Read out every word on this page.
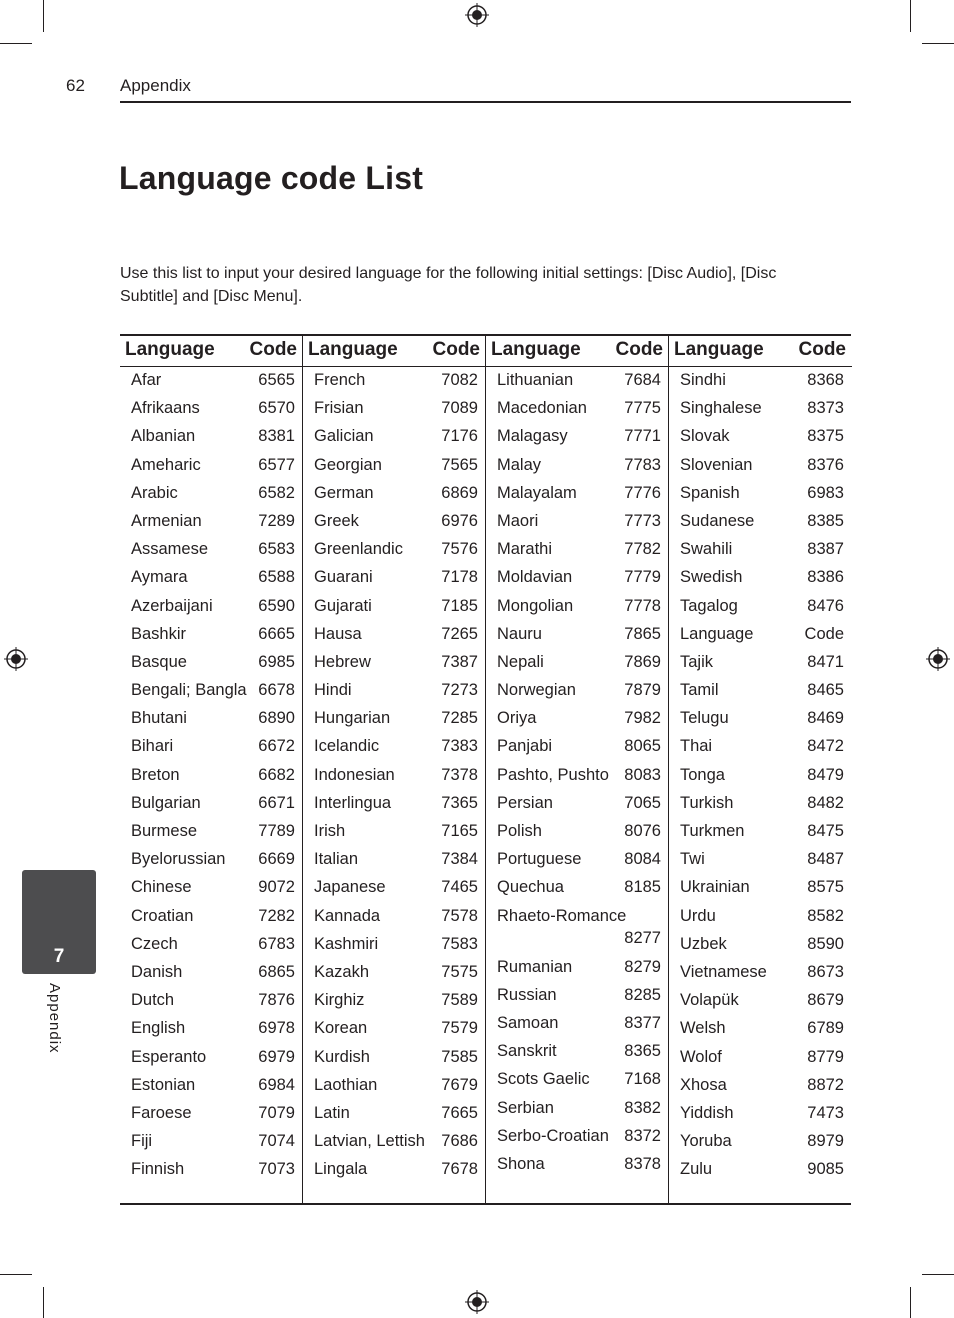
62 Appendix
Language code List

Use this list to input your desired language for the following initial settings: [Disc Audio], [Disc Subtitle] and [Disc Menu].

Language Code
Afar	6565
Afrikaans	6570
Albanian	8381
Ameharic	6577
Arabic	6582
Armenian	7289
Assamese	6583
Aymara	6588
Azerbaijani	6590
Bashkir	6665
Basque	6985
Bengali; Bangla 6678
Bhutani	6890
Bihari	6672
Breton	6682
Bulgarian	6671
Burmese	7789
Byelorussian 6669
Chinese	9072
Croatian	7282
Czech	6783
Danish	6865
Dutch	7876
English	6978
Esperanto	6979
Estonian	6984
Faroese	7079
Fiji	7074
Finnish	7073
Language Code
French	7082
Frisian	7089
Galician	7176
Georgian	7565
German	6869
Greek	6976
Greenlandic 7576
Guarani	7178
Gujarati	7185
Hausa	7265
Hebrew	7387
Hindi	7273
Hungarian	7285
Icelandic	7383
Indonesian	7378
Interlingua	7365
Irish	7165
Italian	7384
Japanese	7465
Kannada	7578
Kashmiri	7583
Kazakh	7575
Kirghiz	7589
Korean	7579
Kurdish	7585
Laothian	7679
Latin	7665
Latvian, Lettish 7686
Lingala	7678
Language Code
Lithuanian	7684
Macedonian 7775
Malagasy	7771
Malay	7783
Malayalam	7776
Maori	7773
Marathi	7782
Moldavian	7779
Mongolian	7778
Nauru	7865
Nepali	7869
Norwegian	7879
Oriya	7982
Panjabi	8065
Pashto, Pushto 8083
Persian	7065
Polish	8076
Portuguese	8084
Quechua	8185
Rhaeto-Romance
8277
Rumanian	8279
Russian	8285
Samoan	8377
Sanskrit	8365
Scots Gaelic 7168
Serbian	8382
Serbo-Croatian 8372
Shona	8378
Language Code
Sindhi	8368
Singhalese	8373
Slovak	8375
Slovenian	8376
Spanish	6983
Sudanese	8385
Swahili	8387
Swedish	8386
Tagalog	8476
Language	Code
Tajik	8471
Tamil	8465
Telugu	8469
Thai	8472
Tonga	8479
Turkish	8482
Turkmen	8475
Twi	8487
Ukrainian	8575
Urdu	8582
Uzbek	8590
Vietnamese 8673
Volapük	8679
Welsh	6789
Wolof	8779
Xhosa	8872
Yiddish	7473
Yoruba	8979
Zulu	9085
7
Appendix
